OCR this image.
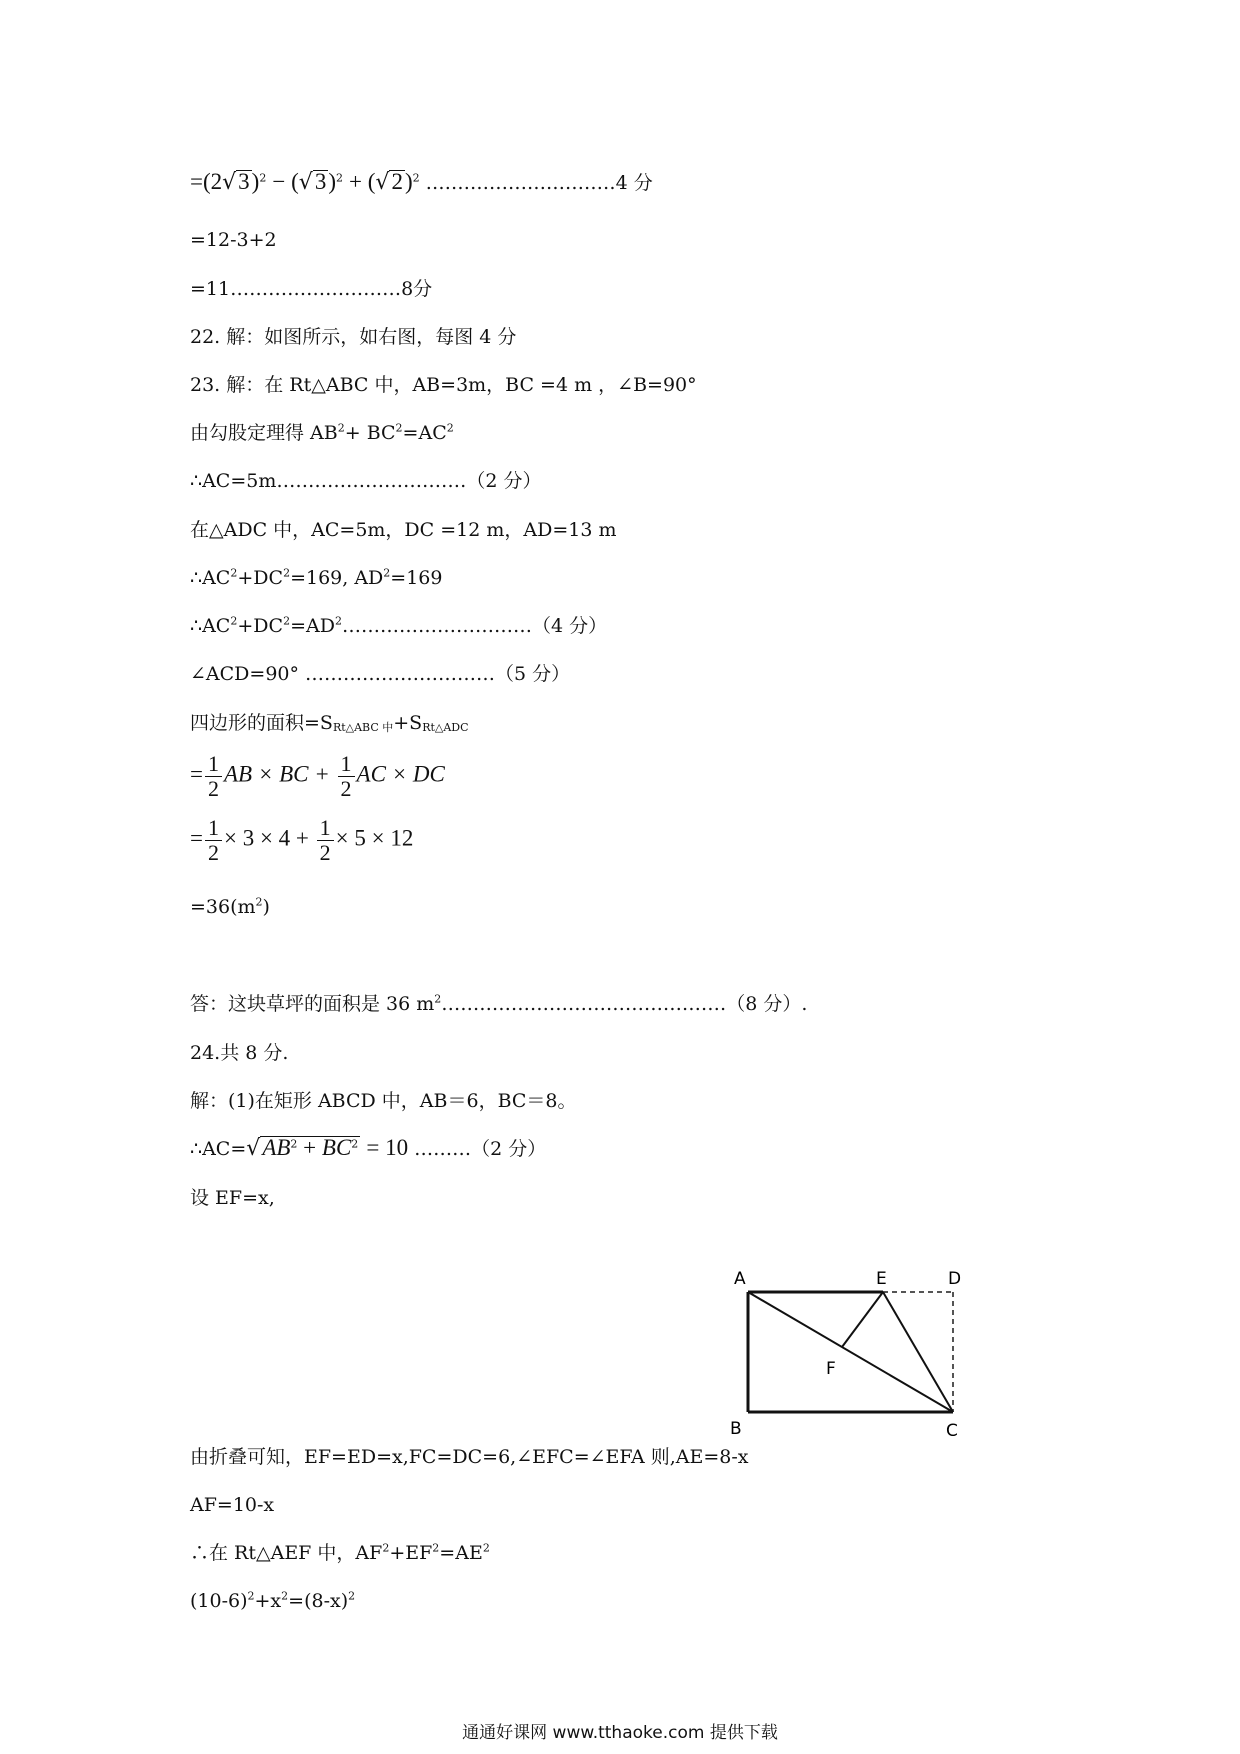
$=(2√3)^2 - (√3)^2 + (√2)^2$ …………………………4 分
=12-3+2
=11………………………8分
22. 解：如图所示，如右图，每图 4 分
23. 解：在 Rt△ABC 中，AB=3m，BC =4 m ，∠B=90°
由勾股定理得 $AB^2+ BC^2=AC^2$
∴AC=5m…………………………（2 分）
在△ADC 中，AC=5m，DC =12 m，AD=13 m
$\therefore AC^2+DC^2=169$, $AD^2=169$
$\therefore AC^2+DC^2=AD^2\dots\dots\dots\dots\dots\dots\dots\dots\dots\dots(4$ 分）
∠ACD=90° …………………………（5 分）
四边形的面积$=S_{Rt\triangle ABC 中}+S_{Rt\triangle ADC}$
= $\frac{1}{2}$ AB × BC + $\frac{1}{2}$ AC × DC
= $\frac{1}{2} \times 3 \times 4 + \frac{1}{2} \times 5 \times 12$
$=36(m^2)$
答：这块草坪的面积是 36 $m^2\dots\dots\dots\dots\dots\dots\dots\dots\dots\dots\dots\dots\dots\dots\dots(8$ 分）.
24.共 8 分.
解：(1)在矩形 ABCD 中，AB＝6，BC＝8。
$\therefore AC=√AB^2 + BC^2 = 10$ ………（2 分）
设 EF=x,
A	E	D
F
B	C
由折叠可知，EF=ED=x,FC=DC=6,∠EFC=∠EFA 则,AE=8-x
AF=10-x
∴在 Rt△AEF 中，$AF^2+EF^2=AE^2$
$(10-6)^2+x^2=(8-x)^2$
通通好课网 www.tthaoke.com 提供下载
